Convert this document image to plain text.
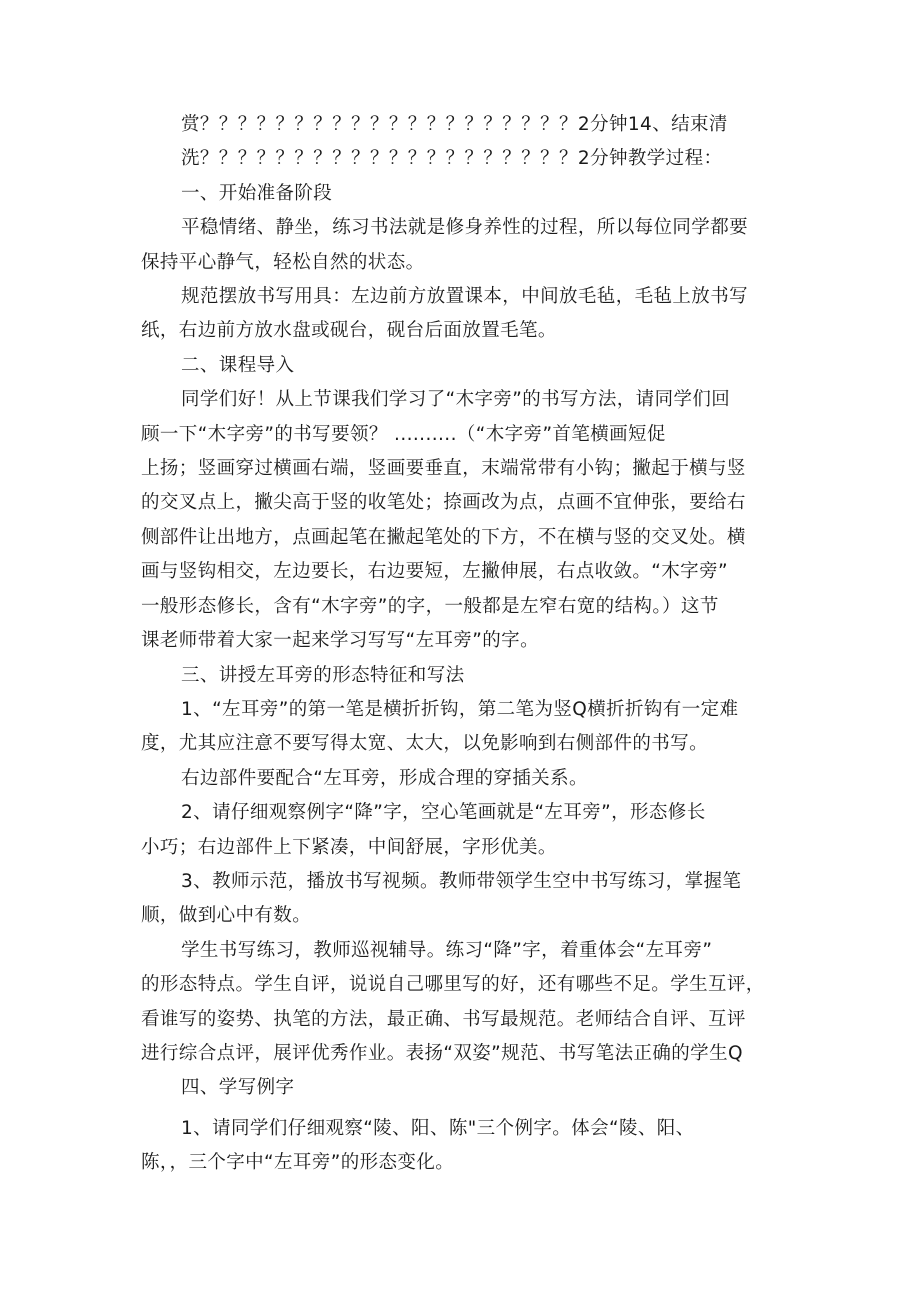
赏？？？？？？？？？？？？？？？？？？？？2分钟14、结束清
洗？？？？？？？？？？？？？？？？？？？？2分钟教学过程：
一、开始准备阶段
平稳情绪、静坐，练习书法就是修身养性的过程，所以每位同学都要
保持平心静气，轻松自然的状态。
规范摆放书写用具：左边前方放置课本，中间放毛毡，毛毡上放书写
纸，右边前方放水盘或砚台，砚台后面放置毛笔。
二、课程导入
同学们好！从上节课我们学习了“木字旁”的书写方法，请同学们回
顾一下“木字旁”的书写要领？ ..........（“木字旁”首笔横画短促
上扬；竖画穿过横画右端，竖画要垂直，末端常带有小钩；撇起于横与竖
的交叉点上，撇尖高于竖的收笔处；捺画改为点，点画不宜伸张，要给右
侧部件让出地方，点画起笔在撇起笔处的下方，不在横与竖的交叉处。横
画与竖钩相交，左边要长，右边要短，左撇伸展，右点收敛。“木字旁”
一般形态修长，含有“木字旁”的字，一般都是左窄右宽的结构。）这节
课老师带着大家一起来学习写写“左耳旁”的字。
三、讲授左耳旁的形态特征和写法
1、“左耳旁”的第一笔是横折折钩，第二笔为竖Q横折折钩有一定难
度，尤其应注意不要写得太宽、太大，以免影响到右侧部件的书写。
右边部件要配合“左耳旁，形成合理的穿插关系。
2、请仔细观察例字“降”字，空心笔画就是“左耳旁”，形态修长
小巧；右边部件上下紧凑，中间舒展，字形优美。
3、教师示范，播放书写视频。教师带领学生空中书写练习，掌握笔
顺，做到心中有数。
学生书写练习，教师巡视辅导。练习“降”字，着重体会“左耳旁”
的形态特点。学生自评，说说自己哪里写的好，还有哪些不足。学生互评，
看谁写的姿势、执笔的方法，最正确、书写最规范。老师结合自评、互评
进行综合点评，展评优秀作业。表扬“双姿”规范、书写笔法正确的学生Q
四、学写例字
1、请同学们仔细观察“陵、阳、陈"三个例字。体会“陵、阳、
陈，，三个字中“左耳旁”的形态变化。
